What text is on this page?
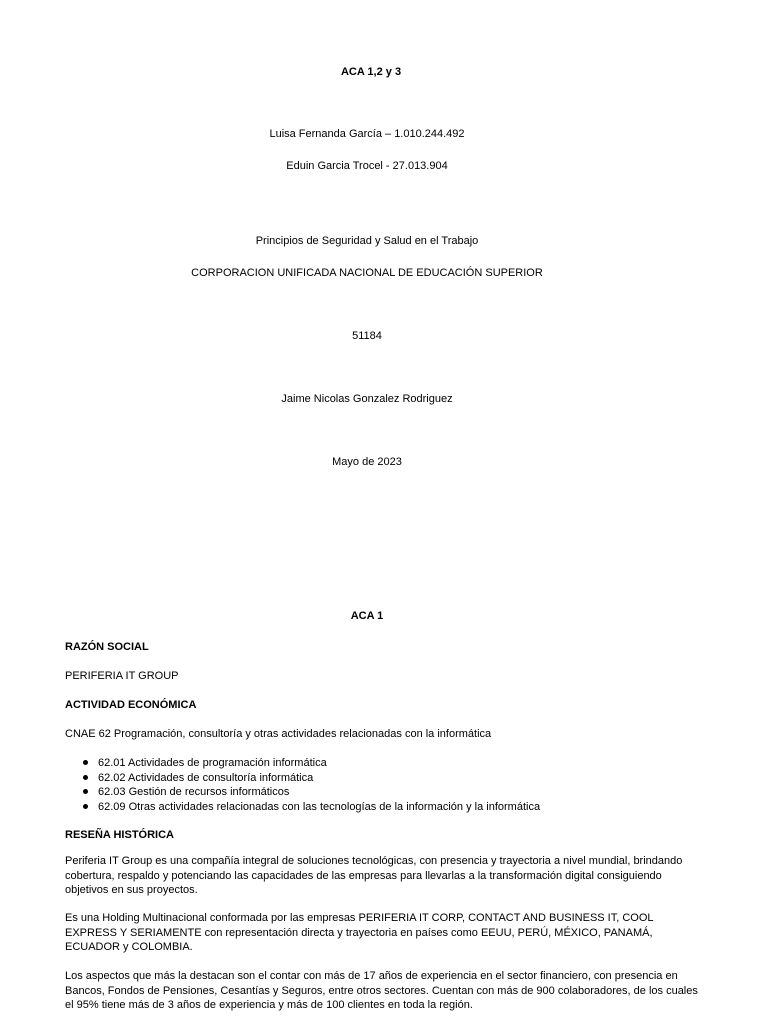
ACA 1,2 y 3

Luisa Fernanda García – 1.010.244.492

Eduin Garcia Trocel - 27.013.904

Principios de Seguridad y Salud en el Trabajo

CORPORACION UNIFICADA NACIONAL DE EDUCACIÓN SUPERIOR

51184

Jaime Nicolas Gonzalez Rodriguez

Mayo de 2023

ACA 1

RAZÓN SOCIAL

PERIFERIA IT GROUP

ACTIVIDAD ECONÓMICA

CNAE 62 Programación, consultoría y otras actividades relacionadas con la informática

62.01 Actividades de programación informática
62.02 Actividades de consultoría informática
62.03 Gestión de recursos informáticos
62.09 Otras actividades relacionadas con las tecnologías de la información y la informática

RESEÑA HISTÓRICA

Periferia IT Group es una compañía integral de soluciones tecnológicas, con presencia y trayectoria a nivel mundial, brindando cobertura, respaldo y potenciando las capacidades de las empresas para llevarlas a la transformación digital consiguiendo objetivos en sus proyectos.

Es una Holding Multinacional conformada por las empresas PERIFERIA IT CORP, CONTACT AND BUSINESS IT, COOL EXPRESS Y SERIAMENTE con representación directa y trayectoria en países como EEUU, PERÚ, MÉXICO, PANAMÁ, ECUADOR y COLOMBIA.

Los aspectos que más la destacan son el contar con más de 17 años de experiencia en el sector financiero, con presencia en Bancos, Fondos de Pensiones, Cesantías y Seguros, entre otros sectores. Cuentan con más de 900 colaboradores, de los cuales el 95% tiene más de 3 años de experiencia y más de 100 clientes en toda la región.
